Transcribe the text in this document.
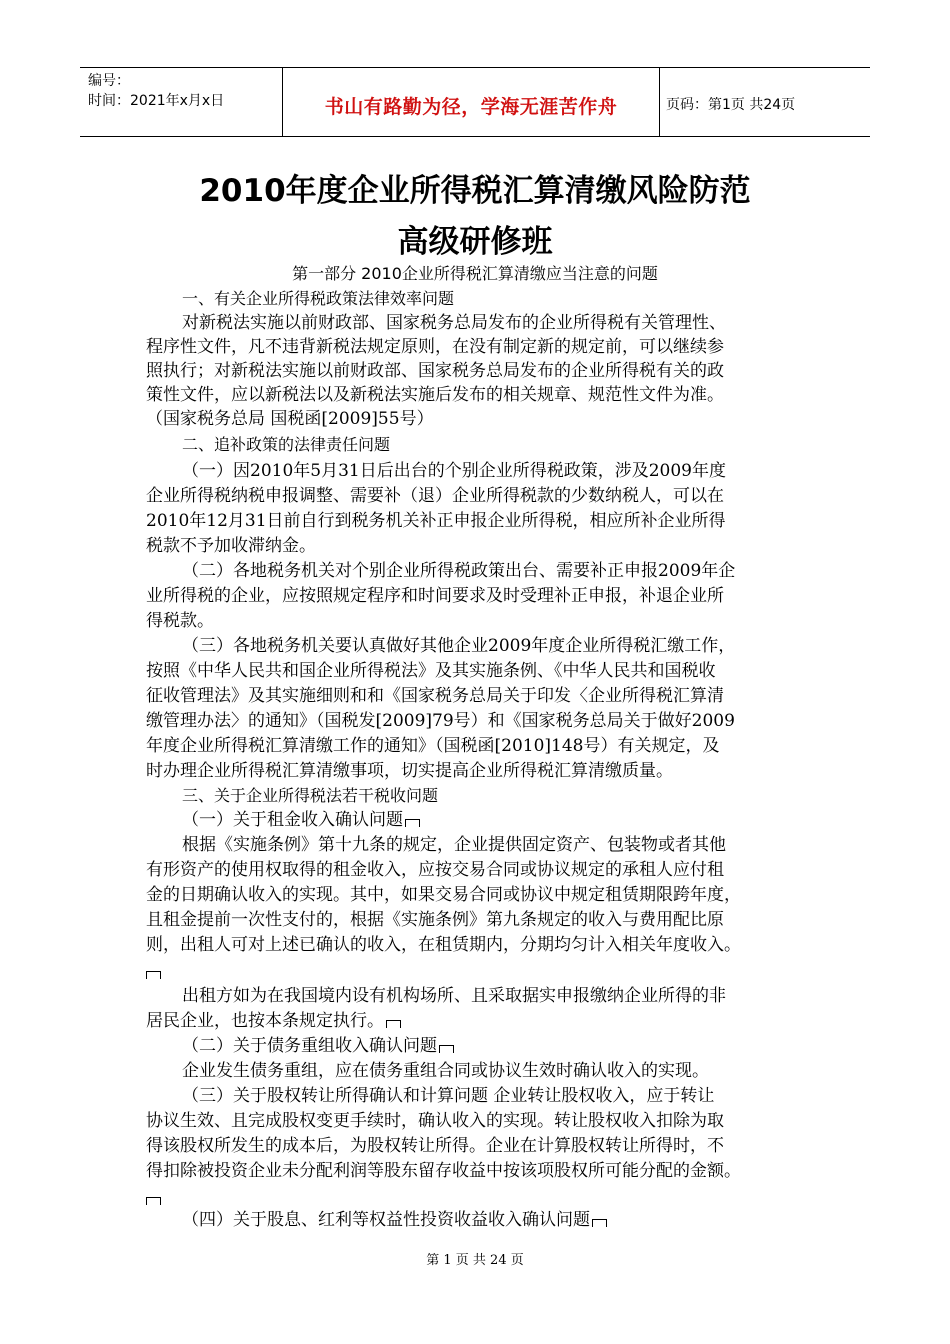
编号：
时间：2021年x月x日	书山有路勤为径，学海无涯苦作舟	页码：第1页 共24页
2010年度企业所得税汇算清缴风险防范
高级研修班
第一部分 2010企业所得税汇算清缴应当注意的问题
一、有关企业所得税政策法律效率问题
对新税法实施以前财政部、国家税务总局发布的企业所得税有关管理性、
程序性文件，凡不违背新税法规定原则，在没有制定新的规定前，可以继续参
照执行；对新税法实施以前财政部、国家税务总局发布的企业所得税有关的政
策性文件，应以新税法以及新税法实施后发布的相关规章、规范性文件为准。
（国家税务总局 国税函[2009]55号）
二、追补政策的法律责任问题
（一）因2010年5月31日后出台的个别企业所得税政策，涉及2009年度
企业所得税纳税申报调整、需要补（退）企业所得税款的少数纳税人，可以在
2010年12月31日前自行到税务机关补正申报企业所得税，相应所补企业所得
税款不予加收滞纳金。
（二）各地税务机关对个别企业所得税政策出台、需要补正申报2009年企
业所得税的企业，应按照规定程序和时间要求及时受理补正申报，补退企业所
得税款。
（三）各地税务机关要认真做好其他企业2009年度企业所得税汇缴工作，
按照《中华人民共和国企业所得税法》及其实施条例、《中华人民共和国税收
征收管理法》及其实施细则和和《国家税务总局关于印发〈企业所得税汇算清
缴管理办法〉的通知》（国税发[2009]79号）和《国家税务总局关于做好2009
年度企业所得税汇算清缴工作的通知》（国税函[2010]148号）有关规定，及
时办理企业所得税汇算清缴事项，切实提高企业所得税汇算清缴质量。
三、关于企业所得税法若干税收问题
（一）关于租金收入确认问题
根据《实施条例》第十九条的规定，企业提供固定资产、包装物或者其他
有形资产的使用权取得的租金收入，应按交易合同或协议规定的承租人应付租
金的日期确认收入的实现。其中，如果交易合同或协议中规定租赁期限跨年度，
且租金提前一次性支付的，根据《实施条例》第九条规定的收入与费用配比原
则，出租人可对上述已确认的收入，在租赁期内，分期均匀计入相关年度收入。
出租方如为在我国境内设有机构场所、且采取据实申报缴纳企业所得的非
居民企业，也按本条规定执行。
（二）关于债务重组收入确认问题
企业发生债务重组，应在债务重组合同或协议生效时确认收入的实现。
（三）关于股权转让所得确认和计算问题 企业转让股权收入，应于转让
协议生效、且完成股权变更手续时，确认收入的实现。转让股权收入扣除为取
得该股权所发生的成本后，为股权转让所得。企业在计算股权转让所得时，不
得扣除被投资企业未分配利润等股东留存收益中按该项股权所可能分配的金额。
（四）关于股息、红利等权益性投资收益收入确认问题
第 1 页 共 24 页
